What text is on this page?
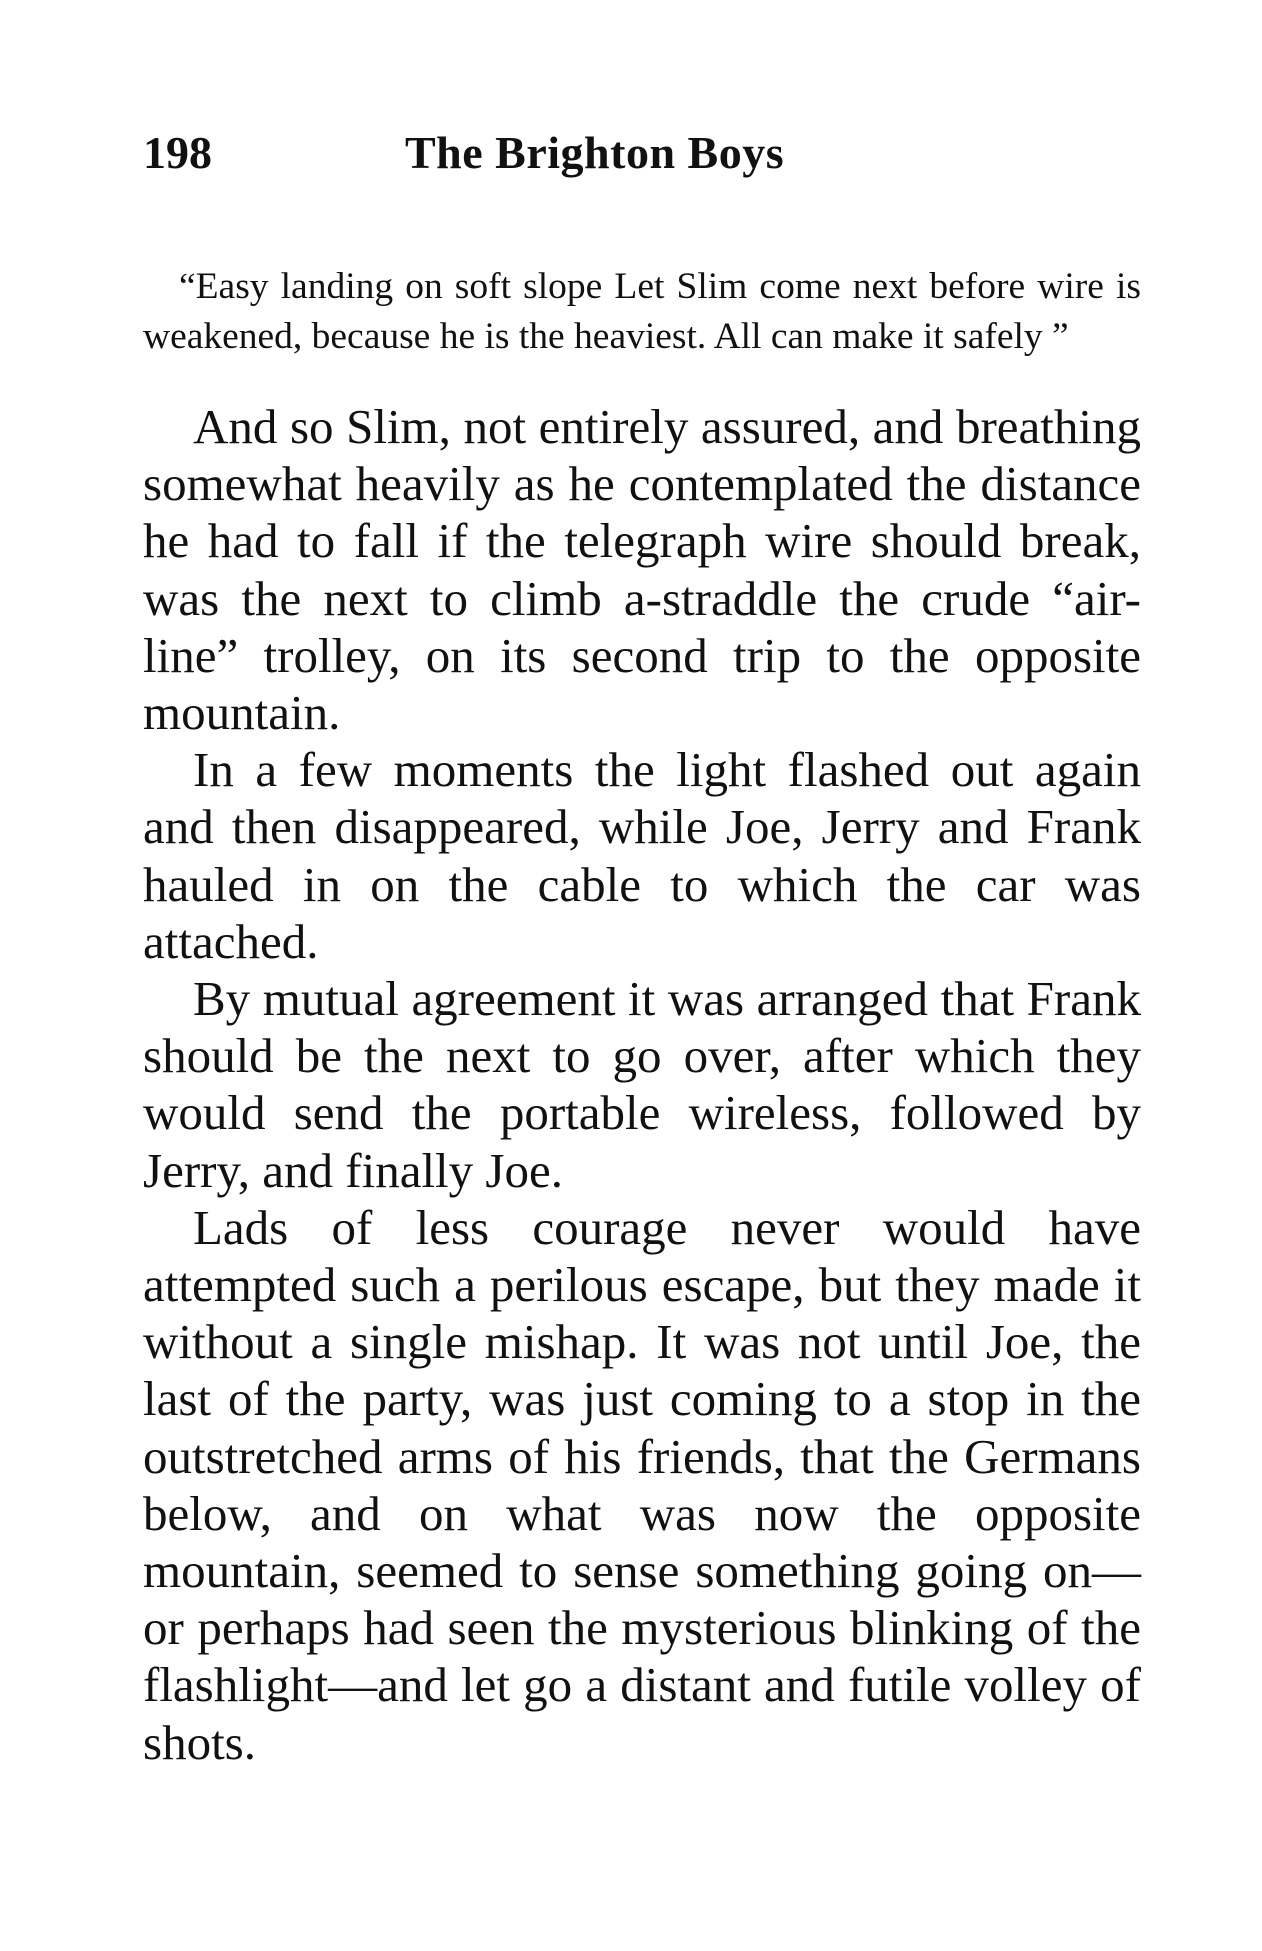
198	The Brighton Boys

“Easy landing on soft slope Let Slim come next before wire is weakened, because he is the heaviest. All can make it safely ”

And so Slim, not entirely assured, and breathing somewhat heavily as he contemplated the distance he had to fall if the telegraph wire should break, was the next to climb a-straddle the crude “air-line” trolley, on its second trip to the opposite mountain.

In a few moments the light flashed out again and then disappeared, while Joe, Jerry and Frank hauled in on the cable to which the car was attached.

By mutual agreement it was arranged that Frank should be the next to go over, after which they would send the portable wireless, followed by Jerry, and finally Joe.

Lads of less courage never would have attempted such a perilous escape, but they made it without a single mishap. It was not until Joe, the last of the party, was just coming to a stop in the outstretched arms of his friends, that the Germans below, and on what was now the opposite mountain, seemed to sense something going on—or perhaps had seen the mysterious blinking of the flashlight—and let go a distant and futile volley of shots.
